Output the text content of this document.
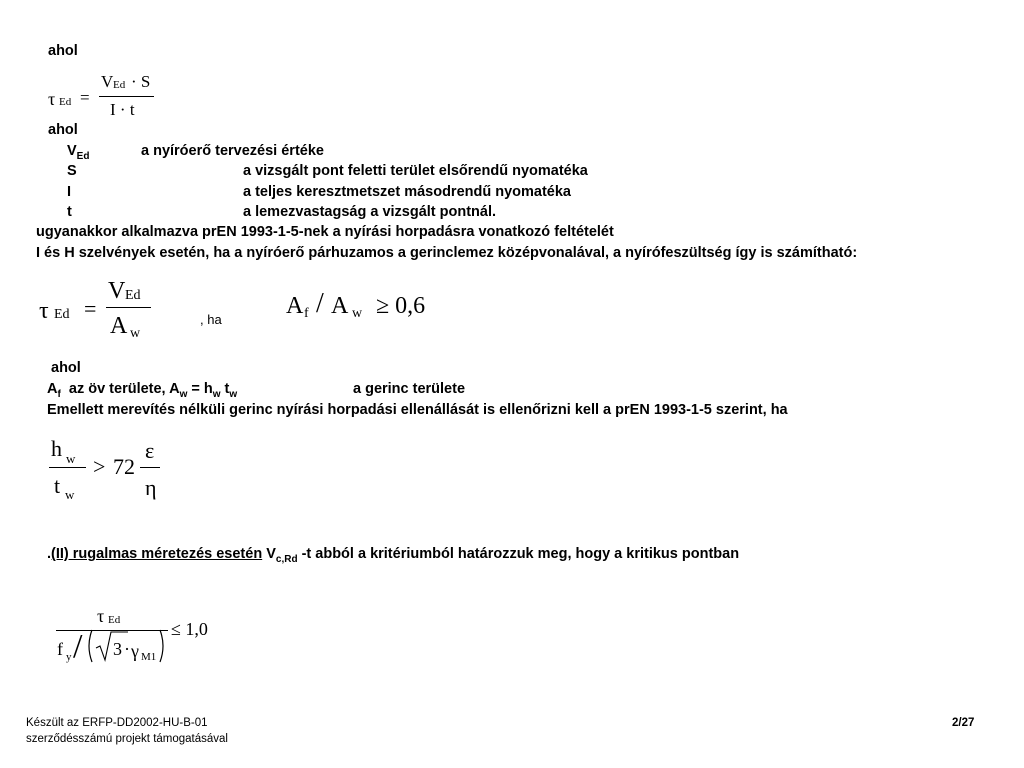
ahol
τ Ed =
V Ed · S
I · t
ahol
$V_{Ed}$	a nyíróerő tervezési értéke
S	a vizsgált pont feletti terület elsőrendű nyomatéka
I	a teljes keresztmetszet másodrendű nyomatéka
t	a lemezvastagság a vizsgált pontnál.
ugyanakkor alkalmazva prEN 1993-1-5-nek a nyírási horpadásra vonatkozó feltételét
I és H szelvények esetén, ha a nyíróerő párhuzamos a gerinclemez középvonalával, a nyírófeszültség így is számítható:
τ Ed =
V Ed
A w
, ha
A f / A w ≥ 0,6
ahol
$A_f$ az öv területe, $A_w = h_w$ $t_w$	a gerinc területe
Emellett merevítés nélküli gerinc nyírási horpadási ellenállását is ellenőrizni kell a prEN 1993-1-5 szerint, ha
h w
t w
> 72
ε
η
.(II) rugalmas méretezés esetén $V_{c,Rd}$ -t abból a kritériumból határozzuk meg, hogy a kritikus pontban
τ Ed
f y / 3 · γ M1
≤ 1,0
Készült az ERFP-DD2002-HU-B-01
szerződésszámú projekt támogatásával
2/27
